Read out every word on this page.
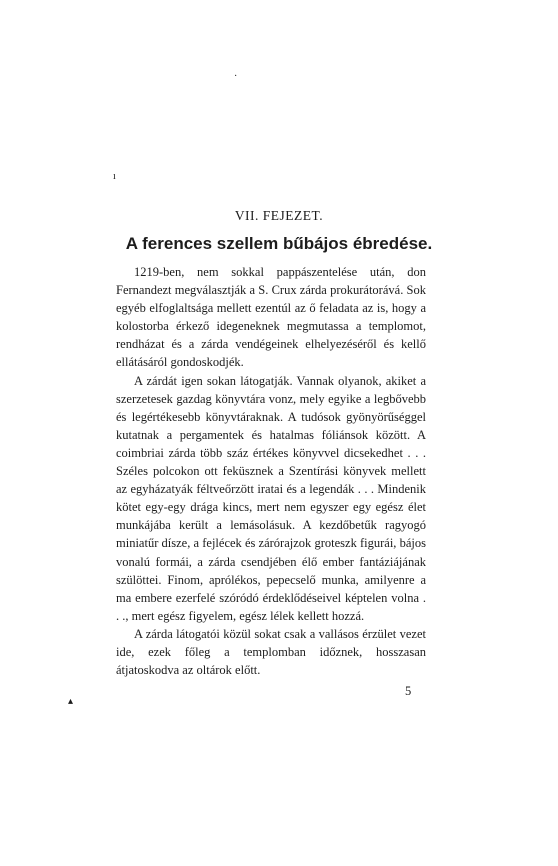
·
ı
VII. FEJEZET.
A ferences szellem bűbájos ébredése.

1219-ben, nem sokkal pappászentelése után, don Fernandezt megválasztják a S. Crux zárda prokurátorává. Sok egyéb elfoglaltsága mellett ezentúl az ő feladata az is, hogy a kolostorba érkező idegeneknek megmutassa a templomot, rendházat és a zárda vendégeinek elhelyezéséről és kellő ellátásáról gondoskodjék.

A zárdát igen sokan látogatják. Vannak olyanok, akiket a szerzetesek gazdag könyvtára vonz, mely egyike a legbővebb és legértékesebb könyvtáraknak. A tudósok gyönyörűséggel kutatnak a pergamentek és hatalmas fóliánsok között. A coimbriai zárda több száz értékes könyvvel dicsekedhet . . . Széles polcokon ott feküsznek a Szentírási könyvek mellett az egyházatyák féltveőrzött iratai és a legendák . . . Mindenik kötet egy-egy drága kincs, mert nem egyszer egy egész élet munkájába került a lemásolásuk. A kezdőbetűk ragyogó miniatűr dísze, a fejlécek és zárórajzok groteszk figurái, bájos vonalú formái, a zárda csendjében élő ember fantáziájának szülöttei. Finom, aprólékos, pepecselő munka, amilyenre a ma embere ezerfelé szóródó érdeklődéseivel képtelen volna . . ., mert egész figyelem, egész lélek kellett hozzá.

A zárda látogatói közül sokat csak a vallásos érzület vezet ide, ezek főleg a templomban időznek, hosszasan átjatoskodva az oltárok előtt.

5
▴
